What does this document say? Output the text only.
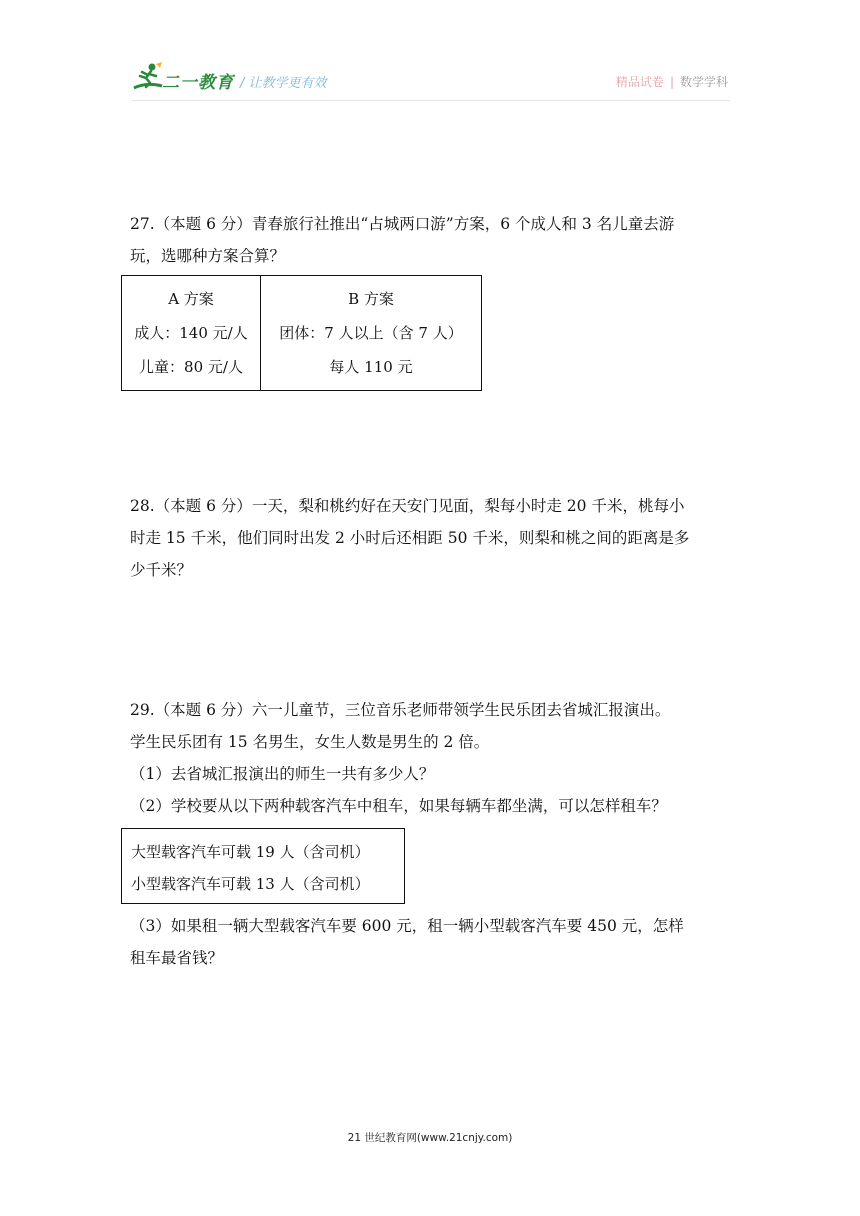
二一教育 / 让教学更有效	精品试卷 | 数学学科
27.（本题 6 分）青春旅行社推出“占城两口游”方案，6 个成人和 3 名儿童去游
玩，选哪种方案合算？
A 方案
成人：140 元/人
儿童：80 元/人

B 方案
团体：7 人以上（含 7 人）
每人 110 元
28.（本题 6 分）一天，梨和桃约好在天安门见面，梨每小时走 20 千米，桃每小
时走 15 千米，他们同时出发 2 小时后还相距 50 千米，则梨和桃之间的距离是多
少千米？
29.（本题 6 分）六一儿童节，三位音乐老师带领学生民乐团去省城汇报演出。
学生民乐团有 15 名男生，女生人数是男生的 2 倍。
（1）去省城汇报演出的师生一共有多少人？
（2）学校要从以下两种载客汽车中租车，如果每辆车都坐满，可以怎样租车？
大型载客汽车可载 19 人（含司机）
小型载客汽车可载 13 人（含司机）
（3）如果租一辆大型载客汽车要 600 元，租一辆小型载客汽车要 450 元，怎样
租车最省钱？
21 世纪教育网(www.21cnjy.com)
